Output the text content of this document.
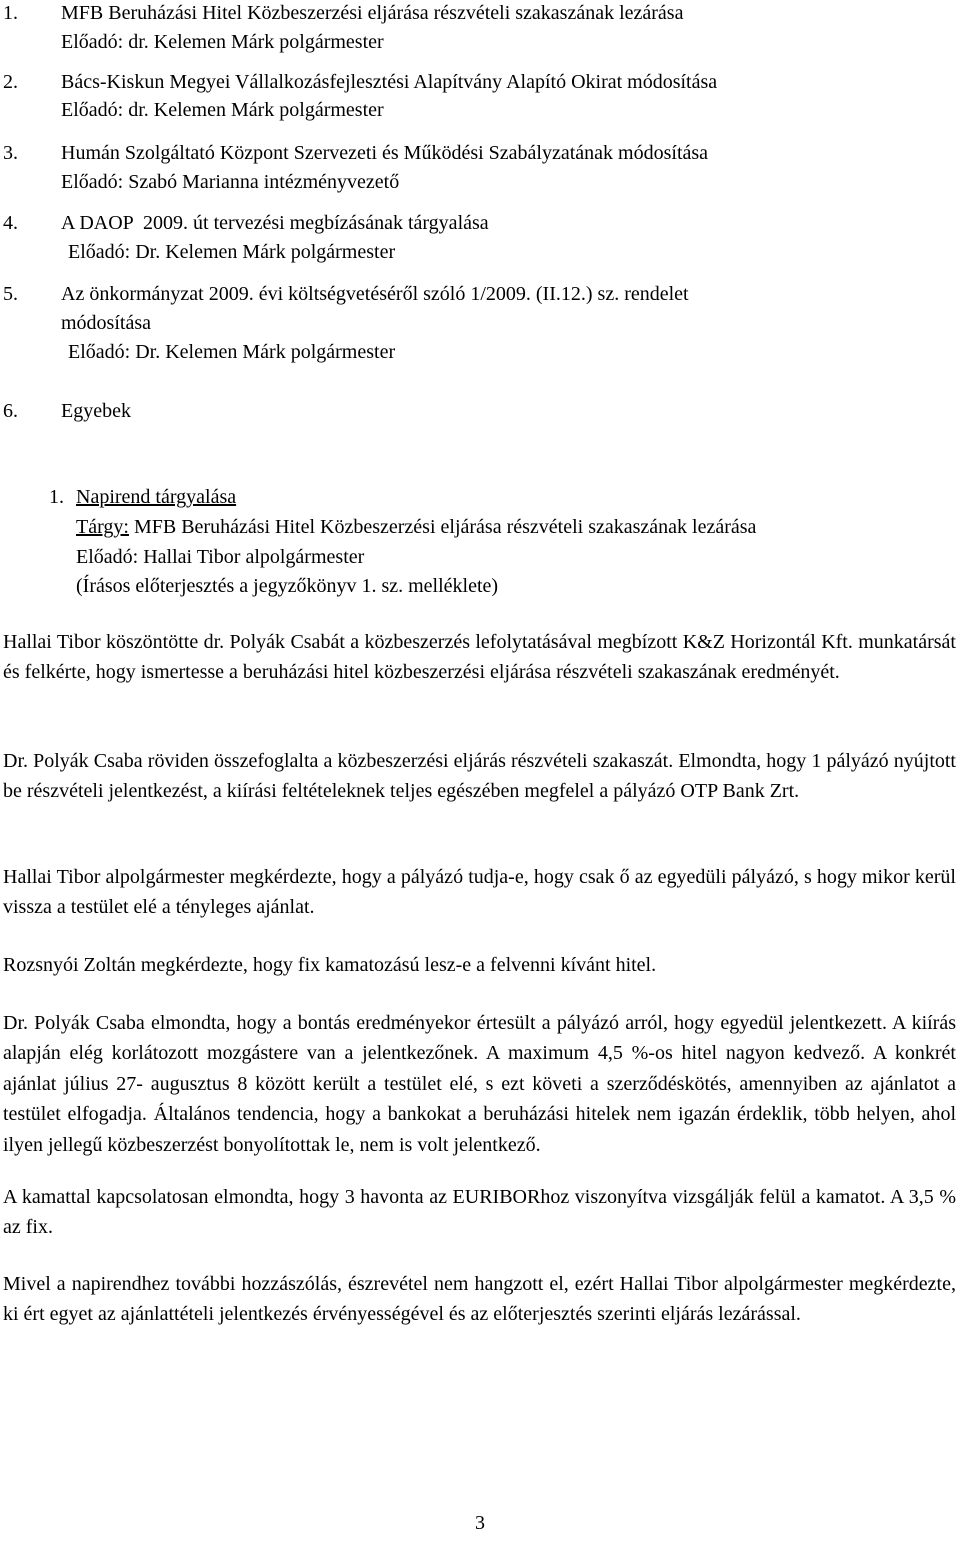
1. MFB Beruházási Hitel Közbeszerzési eljárása részvételi szakaszának lezárása
Előadó: dr. Kelemen Márk polgármester
2. Bács-Kiskun Megyei Vállalkozásfejlesztési Alapítvány Alapító Okirat módosítása
Előadó: dr. Kelemen Márk polgármester
3. Humán Szolgáltató Központ Szervezeti és Működési Szabályzatának módosítása
Előadó: Szabó Marianna intézményvezető
4. A DAOP  2009. út tervezési megbízásának tárgyalása
Előadó: Dr. Kelemen Márk polgármester
5. Az önkormányzat 2009. évi költségvetéséről szóló 1/2009. (II.12.) sz. rendelet
módosítása
Előadó: Dr. Kelemen Márk polgármester
6. Egyebek
1. Napirend tárgyalása
Tárgy: MFB Beruházási Hitel Közbeszerzési eljárása részvételi szakaszának lezárása
Előadó: Hallai Tibor alpolgármester
(Írásos előterjesztés a jegyzőkönyv 1. sz. melléklete)

Hallai Tibor köszöntötte dr. Polyák Csabát a közbeszerzés lefolytatásával megbízott K&Z Horizontál Kft. munkatársát és felkérte, hogy ismertesse a beruházási hitel közbeszerzési eljárása részvételi szakaszának eredményét.

Dr. Polyák Csaba röviden összefoglalta a közbeszerzési eljárás részvételi szakaszát. Elmondta, hogy 1 pályázó nyújtott be részvételi jelentkezést, a kiírási feltételeknek teljes egészében megfelel a pályázó OTP Bank Zrt.

Hallai Tibor alpolgármester megkérdezte, hogy a pályázó tudja-e, hogy csak ő az egyedüli pályázó, s hogy mikor kerül vissza a testület elé a tényleges ajánlat.

Rozsnyói Zoltán megkérdezte, hogy fix kamatozású lesz-e a felvenni kívánt hitel.

Dr. Polyák Csaba elmondta, hogy a bontás eredményekor értesült a pályázó arról, hogy egyedül jelentkezett. A kiírás alapján elég korlátozott mozgástere van a jelentkezőnek. A maximum 4,5 %-os hitel nagyon kedvező. A konkrét ajánlat július 27- augusztus 8 között került a testület elé, s ezt követi a szerződéskötés, amennyiben az ajánlatot a testület elfogadja. Általános tendencia, hogy a bankokat a beruházási hitelek nem igazán érdeklik, több helyen, ahol ilyen jellegű közbeszerzést bonyolítottak le, nem is volt jelentkező.

A kamattal kapcsolatosan elmondta, hogy 3 havonta az EURIBORhoz viszonyítva vizsgálják felül a kamatot. A 3,5 % az fix.

Mivel a napirendhez további hozzászólás, észrevétel nem hangzott el, ezért Hallai Tibor alpolgármester megkérdezte, ki ért egyet az ajánlattételi jelentkezés érvényességével és az előterjesztés szerinti eljárás lezárással.

3
